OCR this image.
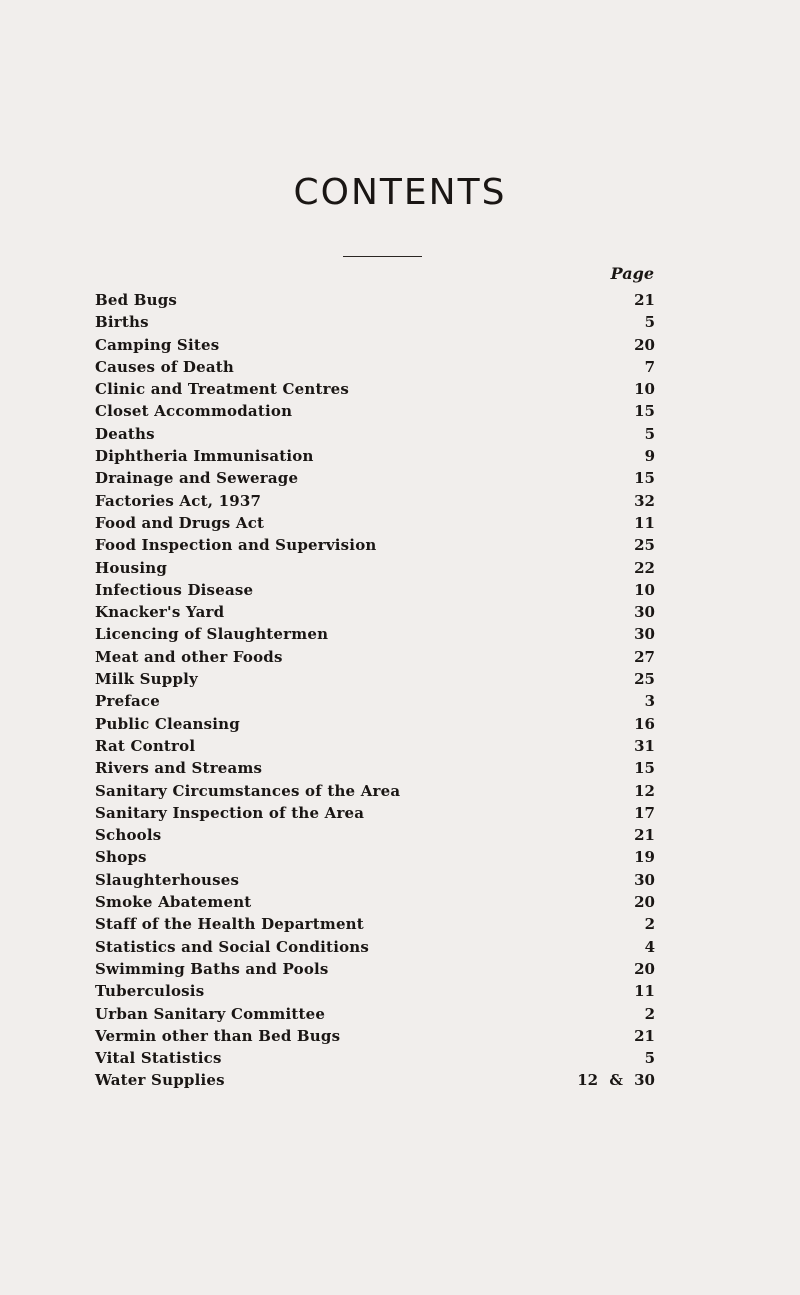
CONTENTS
Page
Bed Bugs	21
Births	5
Camping Sites	20
Causes of Death	7
Clinic and Treatment Centres	10
Closet Accommodation	15
Deaths	5
Diphtheria Immunisation	9
Drainage and Sewerage	15
Factories Act, 1937	32
Food and Drugs Act	11
Food Inspection and Supervision	25
Housing	22
Infectious Disease	10
Knacker's Yard	30
Licencing of Slaughtermen	30
Meat and other Foods	27
Milk Supply	25
Preface	3
Public Cleansing	16
Rat Control	31
Rivers and Streams	15
Sanitary Circumstances of the Area	12
Sanitary Inspection of the Area	17
Schools	21
Shops	19
Slaughterhouses	30
Smoke Abatement	20
Staff of the Health Department	2
Statistics and Social Conditions	4
Swimming Baths and Pools	20
Tuberculosis	11
Urban Sanitary Committee	2
Vermin other than Bed Bugs	21
Vital Statistics	5
Water Supplies	12 & 30
